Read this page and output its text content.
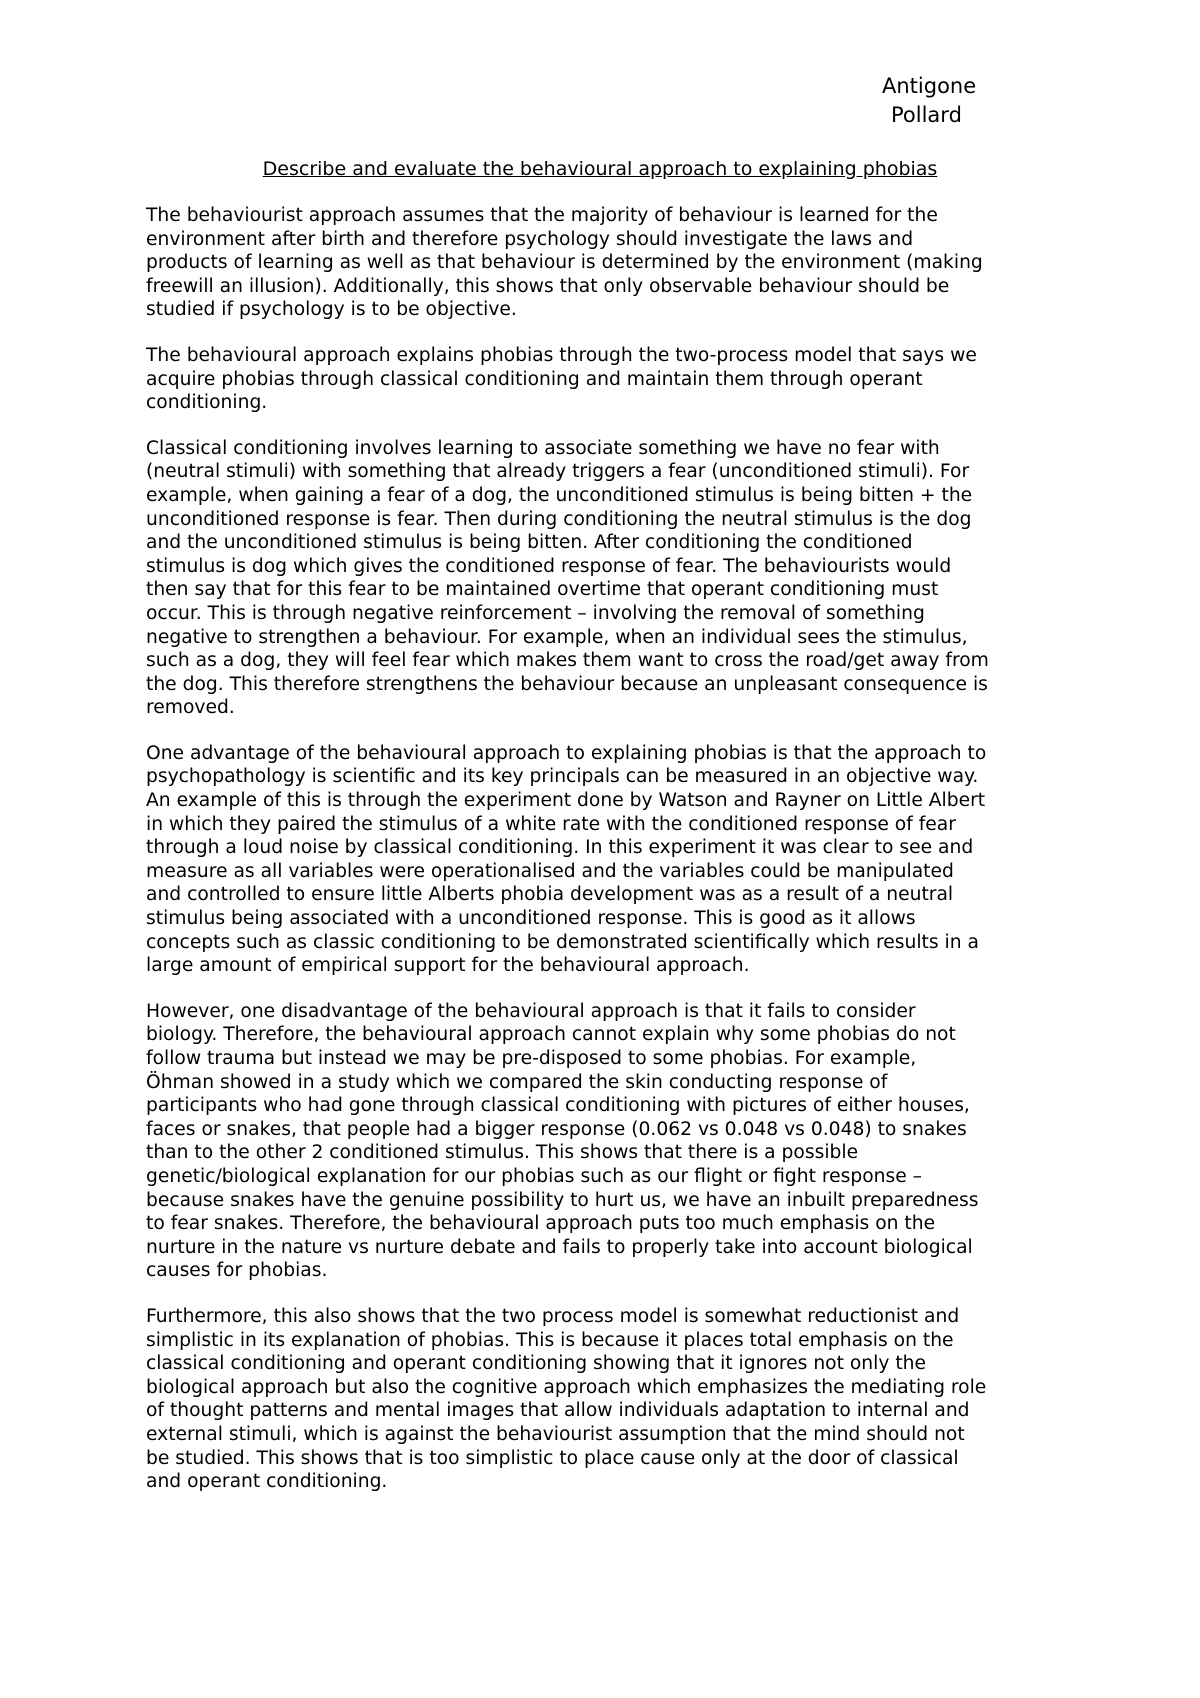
Antigone
Pollard
Describe and evaluate the behavioural approach to explaining phobias
The behaviourist approach assumes that the majority of behaviour is learned for the
environment after birth and therefore psychology should investigate the laws and
products of learning as well as that behaviour is determined by the environment (making
freewill an illusion). Additionally, this shows that only observable behaviour should be
studied if psychology is to be objective.
The behavioural approach explains phobias through the two-process model that says we
acquire phobias through classical conditioning and maintain them through operant
conditioning.
Classical conditioning involves learning to associate something we have no fear with
(neutral stimuli) with something that already triggers a fear (unconditioned stimuli). For
example, when gaining a fear of a dog, the unconditioned stimulus is being bitten + the
unconditioned response is fear. Then during conditioning the neutral stimulus is the dog
and the unconditioned stimulus is being bitten. After conditioning the conditioned
stimulus is dog which gives the conditioned response of fear. The behaviourists would
then say that for this fear to be maintained overtime that operant conditioning must
occur. This is through negative reinforcement – involving the removal of something
negative to strengthen a behaviour. For example, when an individual sees the stimulus,
such as a dog, they will feel fear which makes them want to cross the road/get away from
the dog. This therefore strengthens the behaviour because an unpleasant consequence is
removed.
One advantage of the behavioural approach to explaining phobias is that the approach to
psychopathology is scientific and its key principals can be measured in an objective way.
An example of this is through the experiment done by Watson and Rayner on Little Albert
in which they paired the stimulus of a white rate with the conditioned response of fear
through a loud noise by classical conditioning. In this experiment it was clear to see and
measure as all variables were operationalised and the variables could be manipulated
and controlled to ensure little Alberts phobia development was as a result of a neutral
stimulus being associated with a unconditioned response. This is good as it allows
concepts such as classic conditioning to be demonstrated scientifically which results in a
large amount of empirical support for the behavioural approach.
However, one disadvantage of the behavioural approach is that it fails to consider
biology. Therefore, the behavioural approach cannot explain why some phobias do not
follow trauma but instead we may be pre-disposed to some phobias. For example,
Öhman showed in a study which we compared the skin conducting response of
participants who had gone through classical conditioning with pictures of either houses,
faces or snakes, that people had a bigger response (0.062 vs 0.048 vs 0.048) to snakes
than to the other 2 conditioned stimulus. This shows that there is a possible
genetic/biological explanation for our phobias such as our flight or fight response –
because snakes have the genuine possibility to hurt us, we have an inbuilt preparedness
to fear snakes. Therefore, the behavioural approach puts too much emphasis on the
nurture in the nature vs nurture debate and fails to properly take into account biological
causes for phobias.
Furthermore, this also shows that the two process model is somewhat reductionist and
simplistic in its explanation of phobias. This is because it places total emphasis on the
classical conditioning and operant conditioning showing that it ignores not only the
biological approach but also the cognitive approach which emphasizes the mediating role
of thought patterns and mental images that allow individuals adaptation to internal and
external stimuli, which is against the behaviourist assumption that the mind should not
be studied. This shows that is too simplistic to place cause only at the door of classical
and operant conditioning.
